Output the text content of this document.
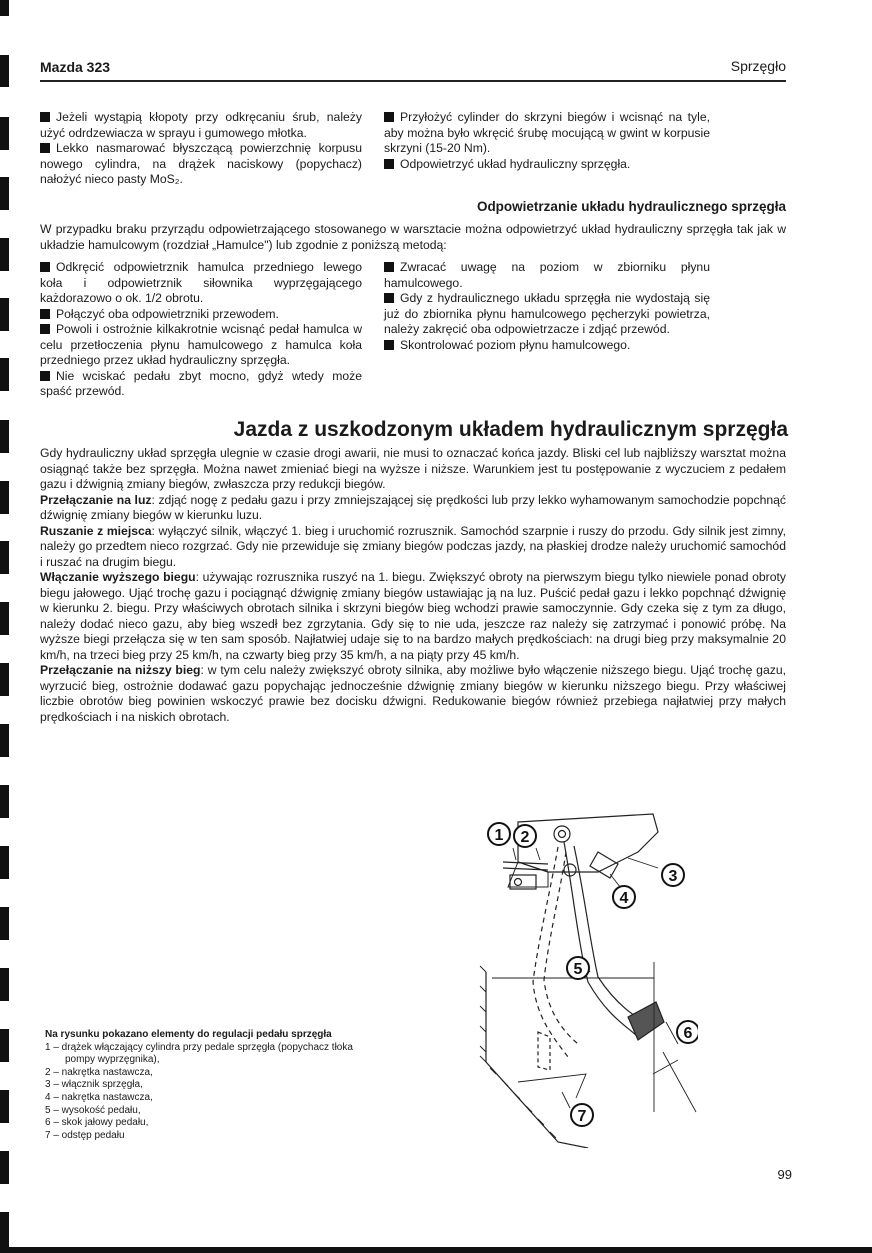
Mazda 323	Sprzęgło

Jeżeli wystąpią kłopoty przy odkręcaniu śrub, należy użyć odrdzewiacza w sprayu i gumowego młotka.

Lekko nasmarować błyszczącą powierzchnię korpusu nowego cylindra, na drążek naciskowy (popychacz) nałożyć nieco pasty MoS₂.

Przyłożyć cylinder do skrzyni biegów i wcisnąć na tyle, aby można było wkręcić śrubę mocującą w gwint w korpusie skrzyni (15-20 Nm).

Odpowietrzyć układ hydrauliczny sprzęgła.

Odpowietrzanie układu hydraulicznego sprzęgła

W przypadku braku przyrządu odpowietrzającego stosowanego w warsztacie można odpowietrzyć układ hydrauliczny sprzęgła tak jak w układzie hamulcowym (rozdział „Hamulce") lub zgodnie z poniższą metodą:

Odkręcić odpowietrznik hamulca przedniego lewego koła i odpowietrznik siłownika wyprzęgającego każdorazowo o ok. 1/2 obrotu.

Połączyć oba odpowietrzniki przewodem.

Powoli i ostrożnie kilkakrotnie wcisnąć pedał hamulca w celu przetłoczenia płynu hamulcowego z hamulca koła przedniego przez układ hydrauliczny sprzęgła.

Nie wciskać pedału zbyt mocno, gdyż wtedy może spaść przewód.

Zwracać uwagę na poziom w zbiorniku płynu hamulcowego.

Gdy z hydraulicznego układu sprzęgła nie wydostają się już do zbiornika płynu hamulcowego pęcherzyki powietrza, należy zakręcić oba odpowietrzacze i zdjąć przewód.

Skontrolować poziom płynu hamulcowego.

Jazda z uszkodzonym układem hydraulicznym sprzęgła

Gdy hydrauliczny układ sprzęgła ulegnie w czasie drogi awarii, nie musi to oznaczać końca jazdy. Bliski cel lub najbliższy warsztat można osiągnąć także bez sprzęgła. Można nawet zmieniać biegi na wyższe i niższe. Warunkiem jest tu postępowanie z wyczuciem z pedałem gazu i dźwignią zmiany biegów, zwłaszcza przy redukcji biegów.

Przełączanie na luz: zdjąć nogę z pedału gazu i przy zmniejszającej się prędkości lub przy lekko wyhamowanym samochodzie popchnąć dźwignię zmiany biegów w kierunku luzu.

Ruszanie z miejsca: wyłączyć silnik, włączyć 1. bieg i uruchomić rozrusznik. Samochód szarpnie i ruszy do przodu. Gdy silnik jest zimny, należy go przedtem nieco rozgrzać. Gdy nie przewiduje się zmiany biegów podczas jazdy, na płaskiej drodze należy uruchomić samochód i ruszać na drugim biegu.

Włączanie wyższego biegu: używając rozrusznika ruszyć na 1. biegu. Zwiększyć obroty na pierwszym biegu tylko niewiele ponad obroty biegu jałowego. Ująć trochę gazu i pociągnąć dźwignię zmiany biegów ustawiając ją na luz. Puścić pedał gazu i lekko popchnąć dźwignię w kierunku 2. biegu. Przy właściwych obrotach silnika i skrzyni biegów bieg wchodzi prawie samoczynnie. Gdy czeka się z tym za długo, należy dodać nieco gazu, aby bieg wszedł bez zgrzytania. Gdy się to nie uda, jeszcze raz należy się zatrzymać i ponowić próbę. Na wyższe biegi przełącza się w ten sam sposób. Najłatwiej udaje się to na bardzo małych prędkościach: na drugi bieg przy maksymalnie 20 km/h, na trzeci bieg przy 25 km/h, na czwarty bieg przy 35 km/h, a na piąty przy 45 km/h.

Przełączanie na niższy bieg: w tym celu należy zwiększyć obroty silnika, aby możliwe było włączenie niższego biegu. Ująć trochę gazu, wyrzucić bieg, ostrożnie dodawać gazu popychając jednocześnie dźwignię zmiany biegów w kierunku niższego biegu. Przy właściwej liczbie obrotów bieg powinien wskoczyć prawie bez docisku dźwigni. Redukowanie biegów również przebiega najłatwiej przy małych prędkościach i na niskich obrotach.

Na rysunku pokazano elementy do regulacji pedału sprzęgła
1 – drążek włączający cylindra przy pedale sprzęgła (popychacz tłoka
pompy wyprzęgnika),
2 – nakrętka nastawcza,
3 – włącznik sprzęgła,
4 – nakrętka nastawcza,
5 – wysokość pedału,
6 – skok jałowy pedału,
7 – odstęp pedału
1 2
3
4
5
6
7
99
